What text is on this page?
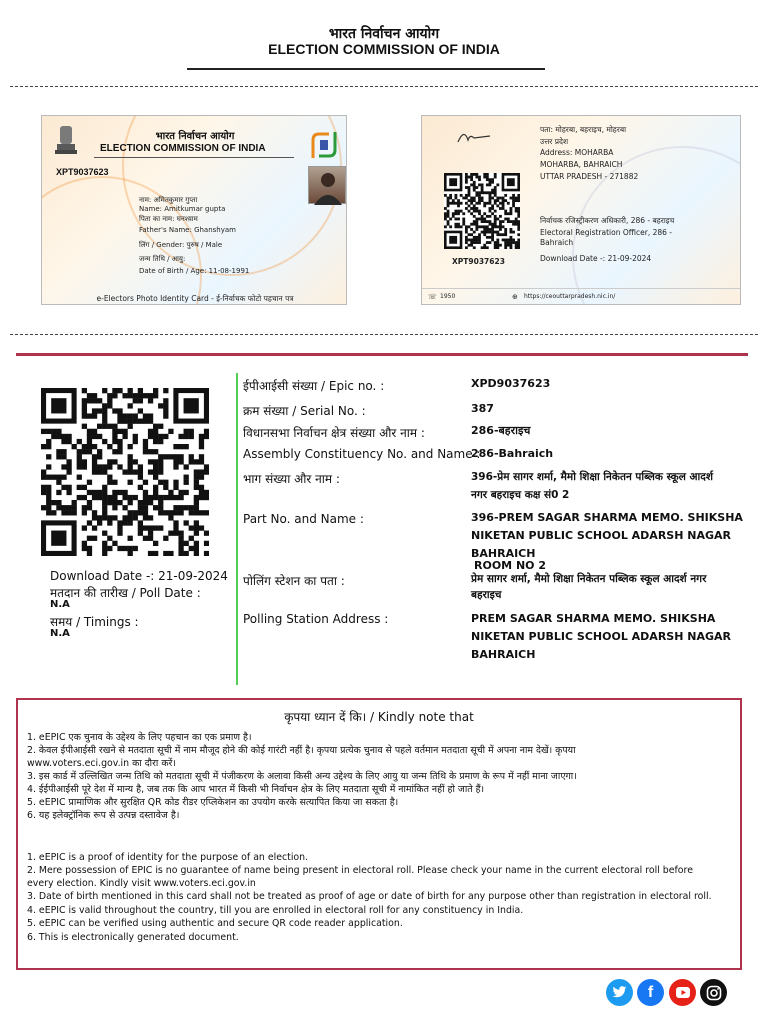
भारत निर्वाचन आयोग
ELECTION COMMISSION OF INDIA
भारत निर्वाचन आयोग
ELECTION COMMISSION OF INDIA
XPT9037623
नाम: अमितकुमार गुप्ता
Name: Amitkumar gupta
पिता का नाम: घनश्य़ाम
Father's Name: Ghanshyam
लिंग / Gender: पुरुष / Male
जन्म तिथि / आयु:
Date of Birth / Age: 11-08-1991
e-Electors Photo Identity Card - ई-निर्वाचक फोटो पहचान पत्र
पता: मोहरबा, बहराइच, मोहरबा
उत्तर प्रदेश
Address: MOHARBA
MOHARBA, BAHRAICH
UTTAR PRADESH - 271882
निर्वाचक रजिस्ट्रीकरण अधिकारी, 286 - बहराइच
Electoral Registration Officer, 286 -
Bahraich
Download Date -: 21-09-2024
XPT9037623
☏ 1950	⊕ https://ceouttarpradesh.nic.in/
Download Date -: 21-09-2024
मतदान की तारीख / Poll Date :
N.A
समय / Timings :
N.A
ईपीआईसी संख्या / Epic no. :	XPD9037623
क्रम संख्या / Serial No. :	387
विधानसभा निर्वाचन क्षेत्र संख्या और नाम :	286-बहराइच
Assembly Constituency No. and Name :
286-Bahraich
भाग संख्या और नाम :	396-प्रेम सागर शर्मा, मैमो शिक्षा निकेतन पब्लिक स्कूल आदर्श
नगर बहराइच कक्ष सं0 2
Part No. and Name :	396-PREM SAGAR SHARMA MEMO. SHIKSHA
NIKETAN PUBLIC SCHOOL ADARSH NAGAR
BAHRAICH
ROOM NO 2
पोलिंग स्टेशन का पता :	प्रेम सागर शर्मा, मैमो शिक्षा निकेतन पब्लिक स्कूल आदर्श नगर
बहराइच
Polling Station Address :	PREM SAGAR SHARMA MEMO. SHIKSHA
NIKETAN PUBLIC SCHOOL ADARSH NAGAR
BAHRAICH
कृपया ध्यान दें कि। / Kindly note that
1. eEPIC एक चुनाव के उद्देश्य के लिए पहचान का एक प्रमाण है।
2. केवल ईपीआईसी रखने से मतदाता सूची में नाम मौजूद होने की कोई गारंटी नहीं है। कृपया प्रत्येक चुनाव से पहले वर्तमान मतदाता सूची में अपना नाम देखें। कृपया
www.voters.eci.gov.in का दौरा करें।
3. इस कार्ड में उल्लिखित जन्म तिथि को मतदाता सूची में पंजीकरण के अलावा किसी अन्य उद्देश्य के लिए आयु या जन्म तिथि के प्रमाण के रूप में नहीं माना जाएगा।
4. ईईपीआईसी पूरे देश में मान्य है, जब तक कि आप भारत में किसी भी निर्वाचन क्षेत्र के लिए मतदाता सूची में नामांकित नहीं हो जाते हैं।
5. eEPIC प्रामाणिक और सुरक्षित QR कोड रीडर एप्लिकेशन का उपयोग करके सत्यापित किया जा सकता है।
6. यह इलेक्ट्रॉनिक रूप से उत्पन्न दस्तावेज है।
1. eEPIC is a proof of identity for the purpose of an election.
2. Mere possession of EPIC is no guarantee of name being present in electoral roll. Please check your name in the current electoral roll before
every election. Kindly visit www.voters.eci.gov.in
3. Date of birth mentioned in this card shall not be treated as proof of age or date of birth for any purpose other than registration in electoral roll.
4. eEPIC is valid throughout the country, till you are enrolled in electoral roll for any constituency in India.
5. eEPIC can be verified using authentic and secure QR code reader application.
6. This is electronically generated document.
f
